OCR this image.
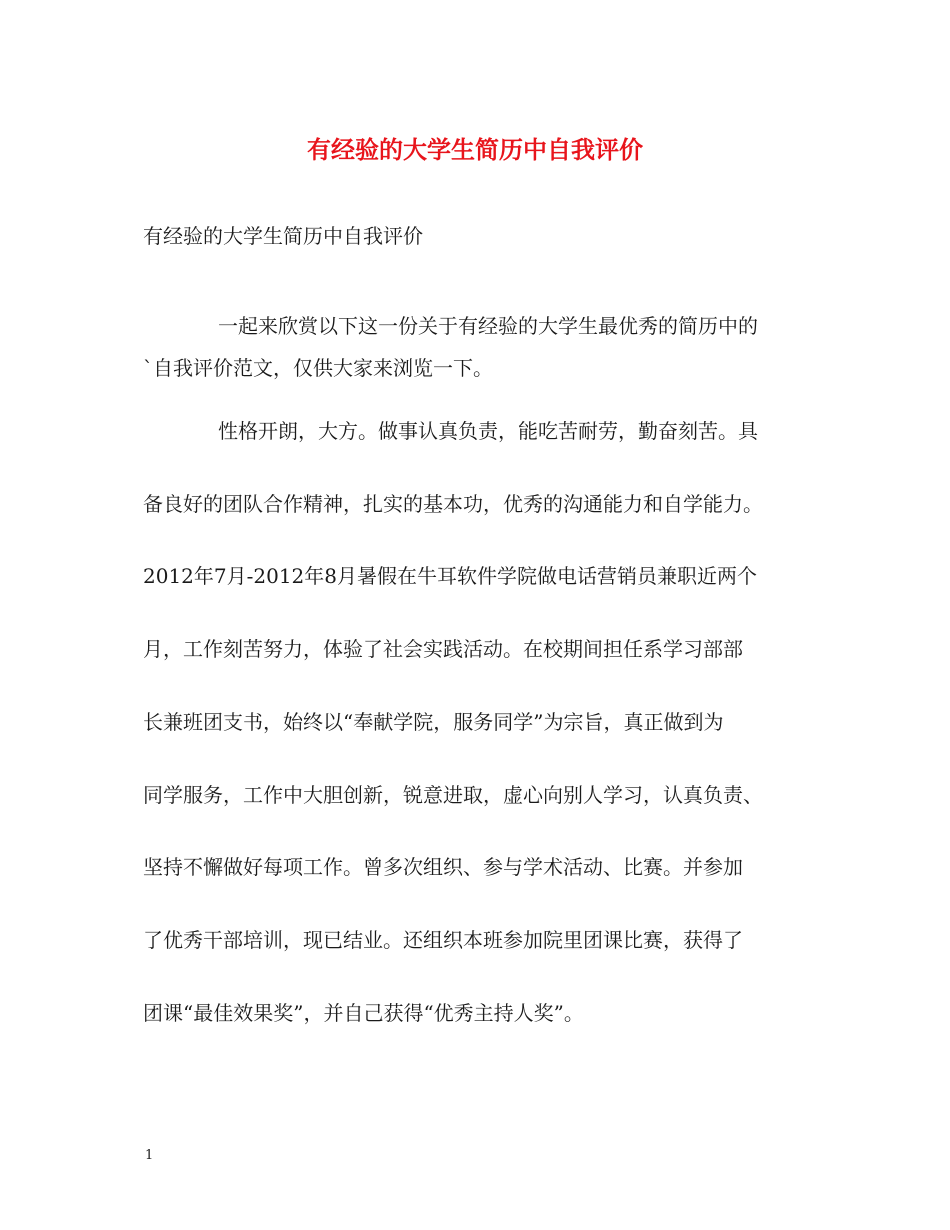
有经验的大学生简历中自我评价

有经验的大学生简历中自我评价

一起来欣赏以下这一份关于有经验的大学生最优秀的简历中的

`自我评价范文，仅供大家来浏览一下。

性格开朗，大方。做事认真负责，能吃苦耐劳，勤奋刻苦。具

备良好的团队合作精神，扎实的基本功，优秀的沟通能力和自学能力。

2012年7月-2012年8月暑假在牛耳软件学院做电话营销员兼职近两个

月，工作刻苦努力，体验了社会实践活动。在校期间担任系学习部部

长兼班团支书，始终以“奉献学院，服务同学”为宗旨，真正做到为

同学服务，工作中大胆创新，锐意进取，虚心向别人学习，认真负责、

坚持不懈做好每项工作。曾多次组织、参与学术活动、比赛。并参加

了优秀干部培训，现已结业。还组织本班参加院里团课比赛，获得了

团课“最佳效果奖”，并自己获得“优秀主持人奖”。

1
